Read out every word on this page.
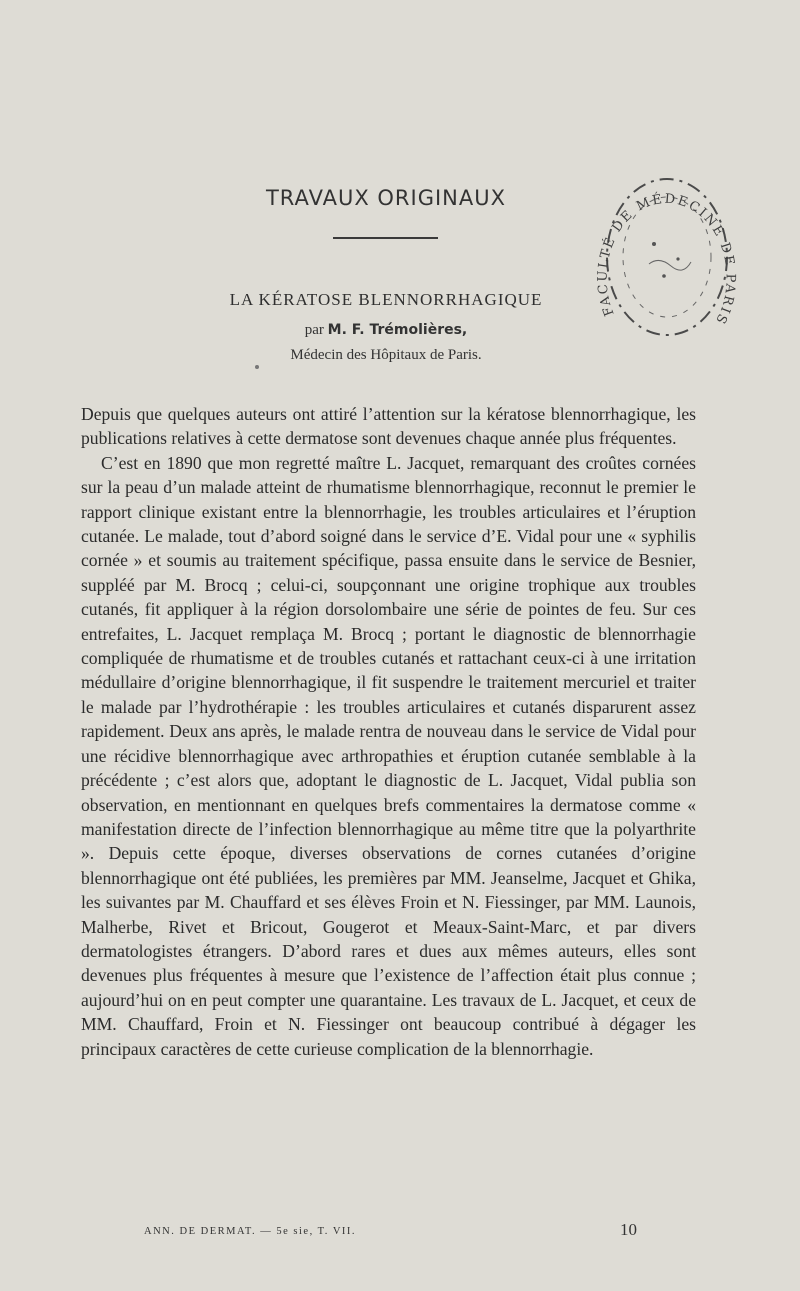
TRAVAUX ORIGINAUX
LA KÉRATOSE BLENNORRHAGIQUE
par M. F. Trémolières,
Médecin des Hôpitaux de Paris.
FACULTÉ DE MÉDECINE DE PARIS

Depuis que quelques auteurs ont attiré l’attention sur la kératose blennorrhagique, les publications relatives à cette dermatose sont devenues chaque année plus fréquentes.

C’est en 1890 que mon regretté maître L. Jacquet, remarquant des croûtes cornées sur la peau d’un malade atteint de rhumatisme blennorrhagique, reconnut le premier le rapport clinique existant entre la blennorrhagie, les troubles articulaires et l’éruption cutanée. Le malade, tout d’abord soigné dans le service d’E. Vidal pour une « syphilis cornée » et soumis au traitement spécifique, passa ensuite dans le service de Besnier, suppléé par M. Brocq ; celui-ci, soupçonnant une origine trophique aux troubles cutanés, fit appliquer à la région dorsolombaire une série de pointes de feu. Sur ces entrefaites, L. Jacquet remplaça M. Brocq ; portant le diagnostic de blennorrhagie compliquée de rhumatisme et de troubles cutanés et rattachant ceux-ci à une irritation médullaire d’origine blennorrhagique, il fit suspendre le traitement mercuriel et traiter le malade par l’hydrothérapie : les troubles articulaires et cutanés disparurent assez rapidement. Deux ans après, le malade rentra de nouveau dans le service de Vidal pour une récidive blennorrhagique avec arthropathies et éruption cutanée semblable à la précédente ; c’est alors que, adoptant le diagnostic de L. Jacquet, Vidal publia son observation, en mentionnant en quelques brefs commentaires la dermatose comme « manifestation directe de l’infection blennorrhagique au même titre que la polyarthrite ». Depuis cette époque, diverses observations de cornes cutanées d’origine blennorrhagique ont été publiées, les premières par MM. Jeanselme, Jacquet et Ghika, les suivantes par M. Chauffard et ses élèves Froin et N. Fiessinger, par MM. Launois, Malherbe, Rivet et Bricout, Gougerot et Meaux-Saint-Marc, et par divers dermatologistes étrangers. D’abord rares et dues aux mêmes auteurs, elles sont devenues plus fréquentes à mesure que l’existence de l’affection était plus connue ; aujourd’hui on en peut compter une quarantaine. Les travaux de L. Jacquet, et ceux de MM. Chauffard, Froin et N. Fiessinger ont beaucoup contribué à dégager les principaux caractères de cette curieuse complication de la blennorrhagie.

ANN. DE DERMAT. — 5e sie, T. VII.	10
